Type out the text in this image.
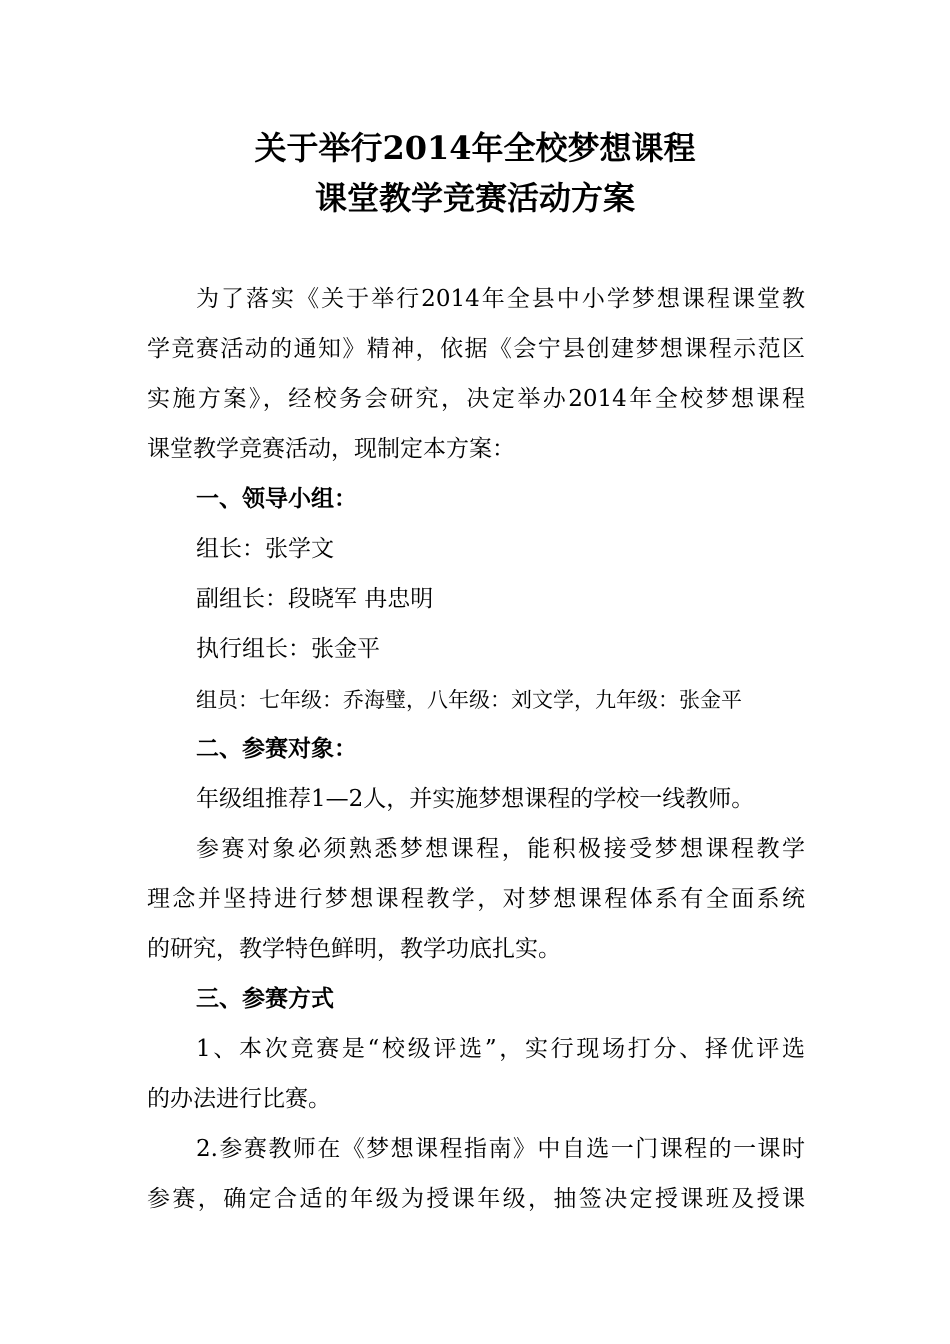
关于举行2014年全校梦想课程
课堂教学竞赛活动方案
为了落实《关于举行2014年全县中小学梦想课程课堂教
学竞赛活动的通知》精神，依据《会宁县创建梦想课程示范区
实施方案》，经校务会研究，决定举办2014年全校梦想课程
课堂教学竞赛活动，现制定本方案：
一、领导小组：
组长：张学文
副组长：段晓军 冉忠明
执行组长：张金平
组员：七年级：乔海璧，八年级：刘文学，九年级：张金平
二、参赛对象：
年级组推荐1—2人，并实施梦想课程的学校一线教师。
参赛对象必须熟悉梦想课程，能积极接受梦想课程教学
理念并坚持进行梦想课程教学，对梦想课程体系有全面系统
的研究，教学特色鲜明，教学功底扎实。
三、参赛方式
1、本次竞赛是“校级评选”，实行现场打分、择优评选
的办法进行比赛。
2.参赛教师在《梦想课程指南》中自选一门课程的一课时
参赛，确定合适的年级为授课年级，抽签决定授课班及授课
